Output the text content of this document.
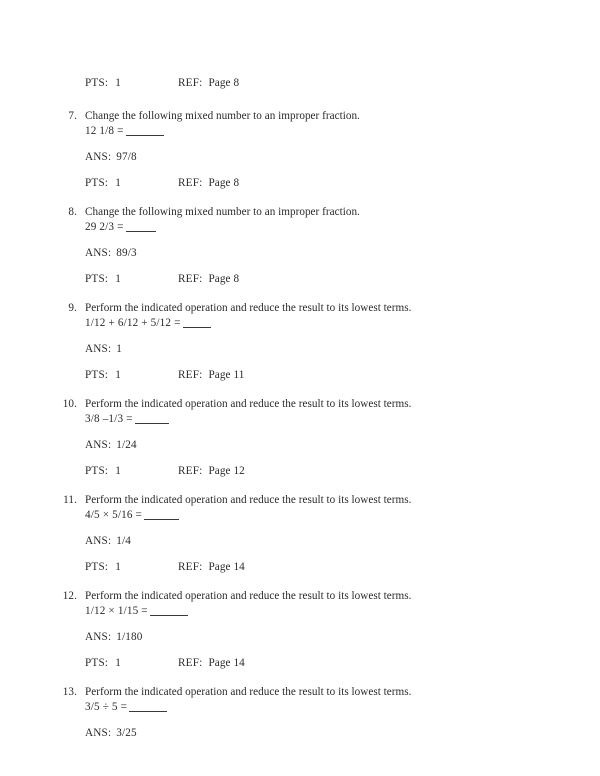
PTS: 1	REF: Page 8
7. Change the following mixed number to an improper fraction.
12 1/8 =
ANS: 97/8
PTS: 1	REF: Page 8
8. Change the following mixed number to an improper fraction.
29 2/3 =
ANS: 89/3
PTS: 1	REF: Page 8
9. Perform the indicated operation and reduce the result to its lowest terms.
1/12 + 6/12 + 5/12 =
ANS: 1
PTS: 1	REF: Page 11
10. Perform the indicated operation and reduce the result to its lowest terms.
3/8 –1/3 =
ANS: 1/24
PTS: 1	REF: Page 12
11. Perform the indicated operation and reduce the result to its lowest terms.
4/5 × 5/16 =
ANS: 1/4
PTS: 1	REF: Page 14
12. Perform the indicated operation and reduce the result to its lowest terms.
1/12 × 1/15 =
ANS: 1/180
PTS: 1	REF: Page 14
13. Perform the indicated operation and reduce the result to its lowest terms.
3/5 ÷ 5 =
ANS: 3/25
